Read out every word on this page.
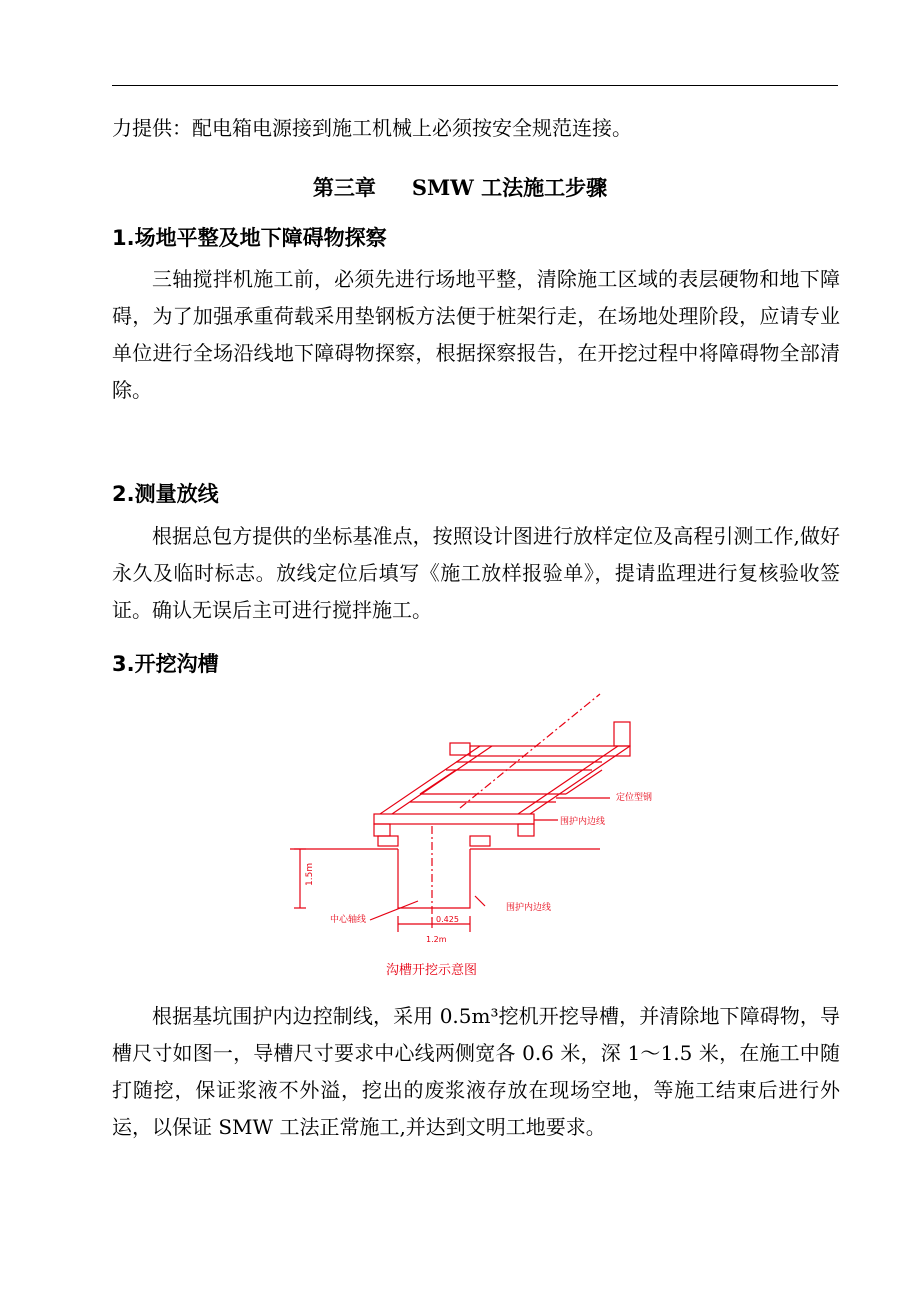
力提供：配电箱电源接到施工机械上必须按安全规范连接。

第三章 SMW 工法施工步骤
1.场地平整及地下障碍物探察

三轴搅拌机施工前，必须先进行场地平整，清除施工区域的表层硬物和地下障碍，为了加强承重荷载采用垫钢板方法便于桩架行走，在场地处理阶段，应请专业单位进行全场沿线地下障碍物探察，根据探察报告，在开挖过程中将障碍物全部清除。

2.测量放线

根据总包方提供的坐标基准点，按照设计图进行放样定位及高程引测工作,做好永久及临时标志。放线定位后填写《施工放样报验单》，提请监理进行复核验收签证。确认无误后主可进行搅拌施工。

3.开挖沟槽
定位型钢
围护内边线
围护内边线
中心轴线	0.425
1.2m
1.5m
沟槽开挖示意图

根据基坑围护内边控制线，采用 0.5m³挖机开挖导槽，并清除地下障碍物，导槽尺寸如图一，导槽尺寸要求中心线两侧宽各 0.6 米，深 1～1.5 米，在施工中随打随挖，保证浆液不外溢，挖出的废浆液存放在现场空地，等施工结束后进行外运，以保证 SMW 工法正常施工,并达到文明工地要求。
